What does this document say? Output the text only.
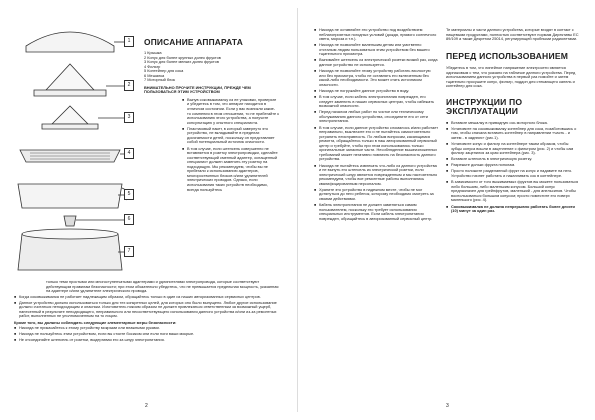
1
2
3
4
5
6
7
ОПИСАНИЕ АППАРАТА
1 Крышка
2 Конус для более крупных долек фруктов
3 Конус для более мелких долек фруктов
4 Фильтр
5 Контейнер для сока
6 Мешалка
7 Моторный блок
ВНИМАТЕЛЬНО ПРОЧИТЕ ИНСТРУКЦИИ, ПРЕЖДЕ ЧЕМ ПОЛЬЗОВАТЬСЯ ЭТИМ УСТРОЙСТВОМ
■ Вынув соковыжималку из ее упаковки, проверьте и убедитесь в том, что аппарат находится в отличном состоянии. Если у вас возникли какие-то сомнения в этом отношении, то не прибегайте к использованию этого устройства, а получите консультацию у опытного специалиста.
■ Пластиковый пакет, в который завернуто это устройство, не вкладывайте в пределах досягаемости детей, поскольку он представляет собой потенциальный источник опасности.
■ В том случае, если штепсель совершенно не вставляется в розетку электропроводки, сделайте соответствующий сменный адаптер, оснащенный специалист должен заменить эту розетку на подходящую. Мы рекомендуем, чтобы вы не прибегали к использованию адаптеров, многороствинных блоков и/или удлинителей электрических проводов. Однако, если использования таких устройств необходимо, всегда пользуйтесь
только теми простыми или многоступенчатыми адаптерами и удлинителями электропровода, которые соответствуют действующим правилам безопасности; при этом обязательно убедитесь, что не превышается предельная мощность, указанная на адаптере и/или удлинителе электрического провода.
■ Когда соковыжималка не работает надлежащим образом, обращайтесь только в один из наших авторизованных сервисных центров.
■ Данное устройство должно использоваться только для тех конкретных целей, для которых оно было выпущено. Любое другое использование должно считаться неподходящим и опасным. Изготовитель никоим образом не должен привлекаться ответственным за возможный ущерб, нанесенный в результате неподходящего, неправильного или несоответствующего использования данного устройства и/или из-за ремонтных работ, выполненных не уполномоченным на то лицом.
Кроме того, вы должны соблюдать следующие элементарные меры безопасности:
■ Никогда не прикасайтесь к этому устройству мокрыми или влажными руками.
■ Никогда не пользуйтесь этим устройством, если вы стоите босиком или если ноги ваши мокрые.
■ Не отсоединяйте штепсель от розетки, выдергивая его за шнур электропитания.
2
■ Никогда не оставляйте это устройство под воздействием неблагоприятных погодных условий (дождя, прямого солнечного света, мороза и т.п.).
■ Никогда не позволяйте маленьким детям или умственно отсталым людям пользоваться этим устройством без вашего тщательного присмотра.
■ Вынимайте штепсель из электрической розетки всякий раз, когда данное устройство не используется.
■ Никогда не позволяйте этому устройству работать вхолостую или без присмотра, чтобы не оставлять его включенным без какой-либо необходимости. Это может стать источником опасности.
■ Никогда не погружайте данное устройство в воду.
■ В том случае, если кабель электропитания поврежден, его следует заменить в наших сервисных центрах, чтобы избежать возможной опасности.
■ Перед началом любых работ по чистке или техническому обслуживанию данного устройства, отсоедините его от сети электропитания.
■ В том случае, если данное устройство сломалось и/или работает неправильно, выключите его и не пытайтесь самостоятельно устранить неисправность. По любым вопросам, касающимся ремонта, обращайтесь только в наш авторизованный сервисный центр и требуйте, чтобы при этом использовались только оригинальные запасные части. Несоблюдение вышеизложенных требований может негативно повлиять на безопасность данного устройства.
■ Никогда не пытайтесь извлекать что-либо из данного устройства и не вынуть его штепсель из электрической розетки, если электрический шнур является поврежденным и мы настоятельно рекомендуем, чтобы все ремонтные работы выполнялись квалифицированным персоналом.
■ Храните это устройство в надежном месте, чтобы не мог дотянуться до него ребенок, которому необходимо смотреть за своими действиями.
■ Кабель электропитания не должен заменяться самим пользователем, поскольку это требует использования специальных инструментов. Если кабель электропитания поврежден, обращайтесь в авторизованный сервисный центр.
Те материалы и части данного устройства, которые входят в контакт с пищевыми продуктами, полностью соответствуют нормам Директивы ЕС 89/109 а также Декретом 25014, регулирующей пробными радиолетами.
ПЕРЕД ИСПОЛЬЗОВАНИЕМ
Убедитесь в том, что линейное напряжение электросети является одинаковым с тем, что указано на табличке данного устройства. Перед использованием данного устройства в первый раз помойте и затем тщательно просушите конус, фильтр, поддон для стекающего капель и контейнер для сока.
ИНСТРУКЦИИ ПО ЭКСПЛУАТАЦИИ
■ Вставьте мешалку в приводную ось моторного блока.
■ Установите на соковыжималку контейнер для сока, позаботившись о том, чтобы сначала вставить контейнер в направлении «часть - и затем - в заднюю» (рис.1).
■ Установите конус и фильтр на контейнере таким образом, чтобы зубцы конуса вошли в зацепление с фильтром (рис. 2) и чтобы сам фильтр зацепился за края контейнера (рис. 3).
■ Вставьте штепсель в электрическую розетку.
■ Разрежьте дольки фрукта пополам.
■ Просто положите разделанный фрукт на конус и надавите на него. Устройство начнет работать и накапливать сок в контейнере.
■ В зависимости от того выжимаемых фруктов вы можете пользоваться либо большим, либо маленьким конусом. Большой конус предназначен для грейпфрутов, маленький - для апельсинов. Чтобы воспользоваться большим конусом; просто поместите его поверх маленького (рис. 4).
■ Соковыжималка не должна непрерывно работать более десяти (10) минут за один раз.
3
